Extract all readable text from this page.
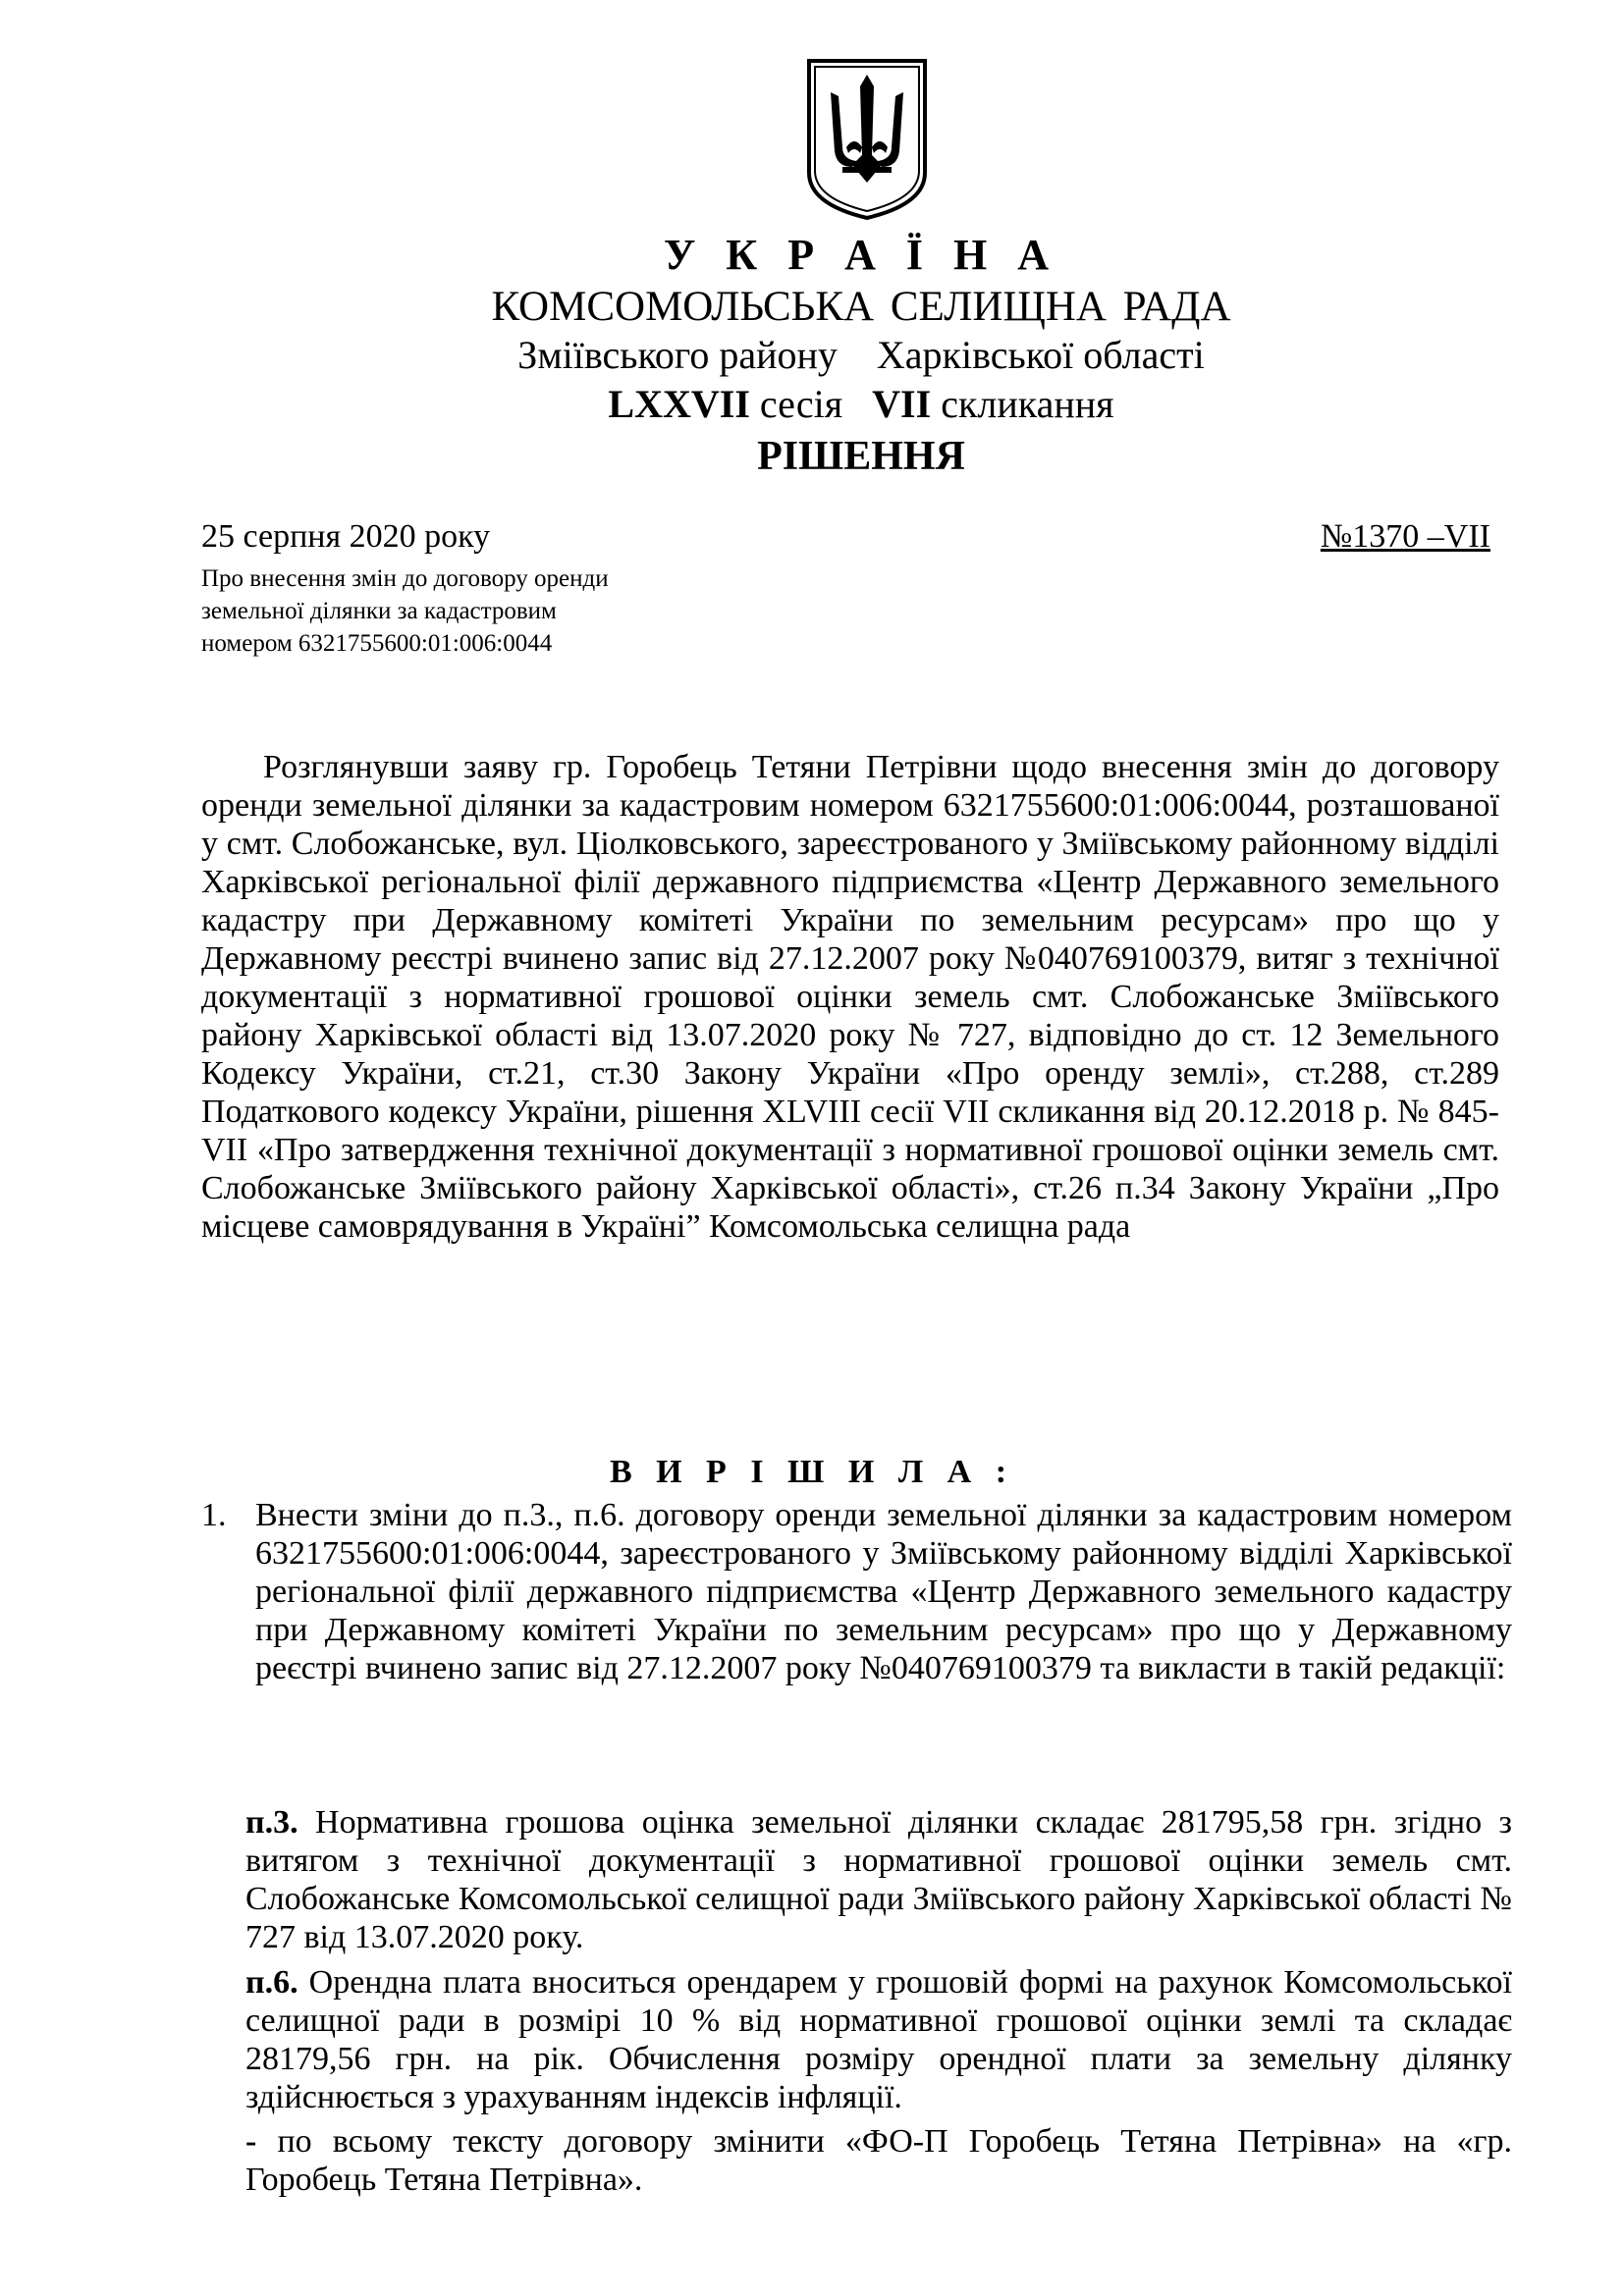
У К Р А Ї Н А
КОМСОМОЛЬСЬКА СЕЛИЩНА РАДА
Зміївського району Харківської області
LXXVII сесія VII скликання
РІШЕННЯ
25 серпня 2020 року	№1370 –VII
Про внесення змін до договору оренди
земельної ділянки за кадастровим
номером 6321755600:01:006:0044
Розглянувши заяву гр. Горобець Тетяни Петрівни щодо внесення змін до договору оренди земельної ділянки за кадастровим номером 6321755600:01:006:0044, розташованої у смт. Слобожанське, вул. Ціолковського, зареєстрованого у Зміївському районному відділі Харківської регіональної філії державного підприємства «Центр Державного земельного кадастру при Державному комітеті України по земельним ресурсам» про що у Державному реєстрі вчинено запис від 27.12.2007 року №040769100379, витяг з технічної документації з нормативної грошової оцінки земель смт. Слобожанське Зміївського району Харківської області від 13.07.2020 року № 727, відповідно до ст. 12 Земельного Кодексу України, ст.21, ст.30 Закону України «Про оренду землі», ст.288, ст.289 Податкового кодексу України, рішення XLVIII сесії VII скликання від 20.12.2018 р. № 845-VII «Про затвердження технічної документації з нормативної грошової оцінки земель смт. Слобожанське Зміївського району Харківської області», ст.26 п.34 Закону України „Про місцеве самоврядування в Україні” Комсомольська селищна рада
В И Р І Ш И Л А :
1. Внести зміни до п.3., п.6. договору оренди земельної ділянки за кадастровим номером 6321755600:01:006:0044, зареєстрованого у Зміївському районному відділі Харківської регіональної філії державного підприємства «Центр Державного земельного кадастру при Державному комітеті України по земельним ресурсам» про що у Державному реєстрі вчинено запис від 27.12.2007 року №040769100379 та викласти в такій редакції:
п.3. Нормативна грошова оцінка земельної ділянки складає 281795,58 грн. згідно з витягом з технічної документації з нормативної грошової оцінки земель смт. Слобожанське Комсомольської селищної ради Зміївського району Харківської області № 727 від 13.07.2020 року.
п.6. Орендна плата вноситься орендарем у грошовій формі на рахунок Комсомольської селищної ради в розмірі 10 % від нормативної грошової оцінки землі та складає 28179,56 грн. на рік. Обчислення розміру орендної плати за земельну ділянку здійснюється з урахуванням індексів інфляції.
- по всьому тексту договору змінити «ФО-П Горобець Тетяна Петрівна» на «гр. Горобець Тетяна Петрівна».
